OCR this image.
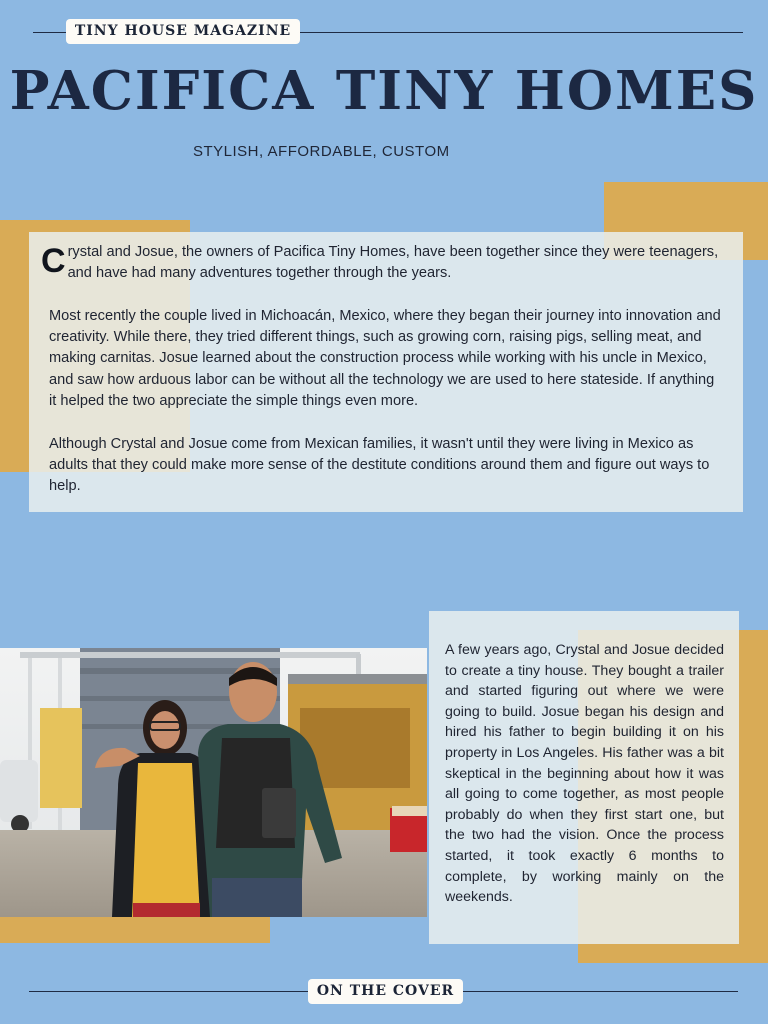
TINY HOUSE MAGAZINE
PACIFICA TINY HOMES
STYLISH, AFFORDABLE, CUSTOM

Crystal and Josue, the owners of Pacifica Tiny Homes, have been together since they were teenagers, and have had many adventures together through the years.

Most recently the couple lived in Michoacán, Mexico, where they began their journey into innovation and creativity. While there, they tried different things, such as growing corn, raising pigs, selling meat, and making carnitas. Josue learned about the construction process while working with his uncle in Mexico, and saw how arduous labor can be without all the technology we are used to here stateside. If anything it helped the two appreciate the simple things even more.

Although Crystal and Josue come from Mexican families, it wasn't until they were living in Mexico as adults that they could make more sense of the destitute conditions around them and figure out ways to help.

A few years ago, Crystal and Josue decided to create a tiny house. They bought a trailer and started figuring out where we were going to build. Josue began his design and hired his father to begin building it on his property in Los Angeles. His father was a bit skeptical in the beginning about how it was all going to come together, as most people probably do when they first start one, but the two had the vision. Once the process started, it took exactly 6 months to complete, by working mainly on the weekends.

ON THE COVER
